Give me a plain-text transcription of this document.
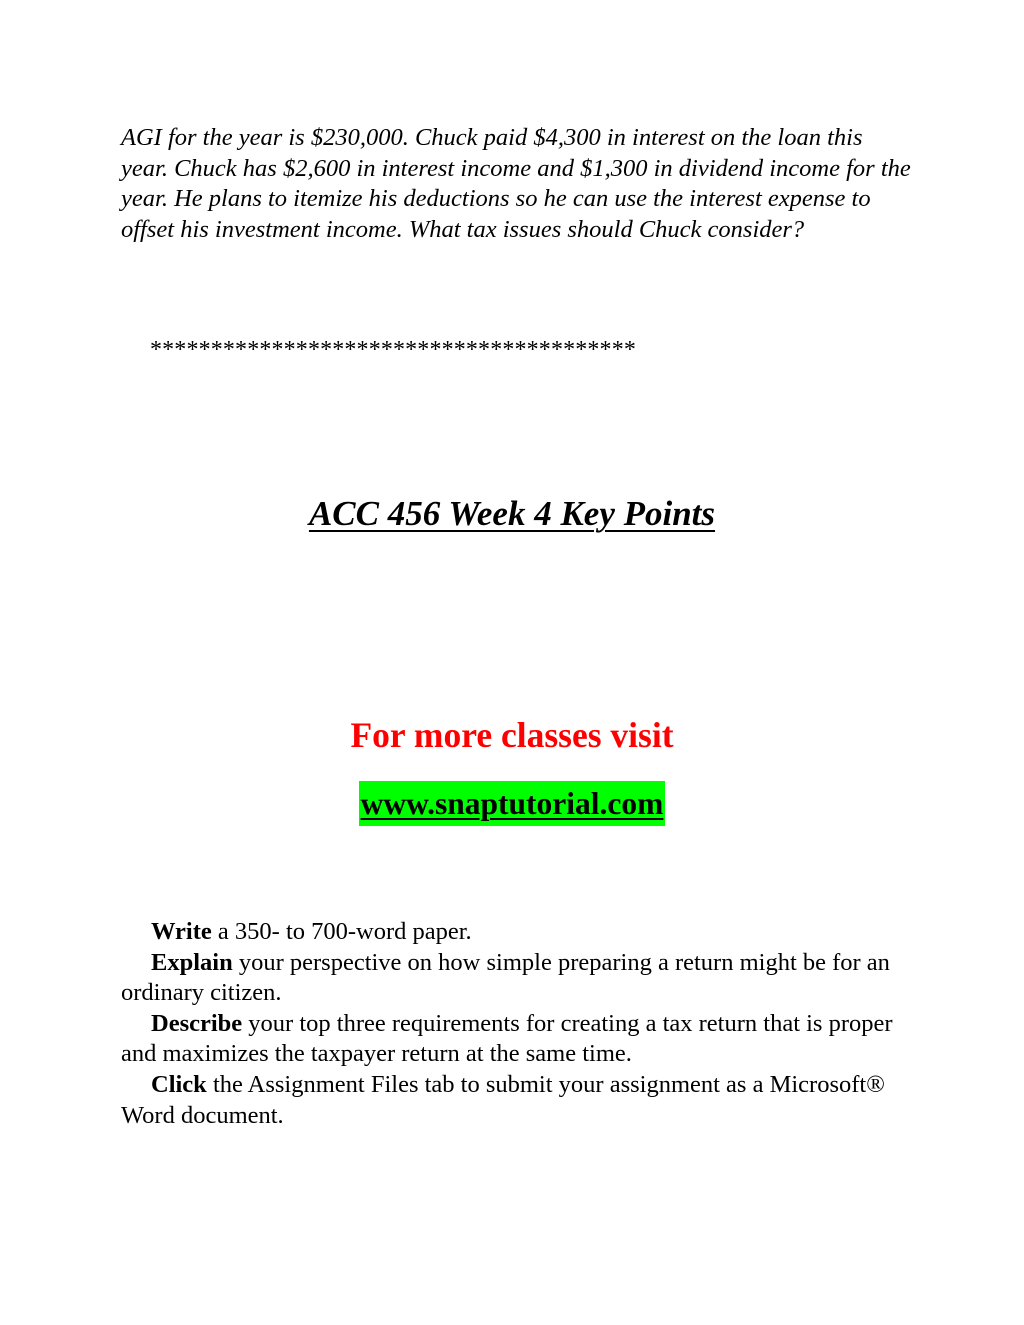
AGI for the year is $230,000. Chuck paid $4,300 in interest on the loan this year. Chuck has $2,600 in interest income and $1,300 in dividend income for the year. He plans to itemize his deductions so he can use the interest expense to offset his investment income. What tax issues should Chuck consider?

****************************************
ACC 456 Week 4 Key Points
For more classes visit
www.snaptutorial.com

Write a 350- to 700-word paper.

Explain your perspective on how simple preparing a return might be for an ordinary citizen.

Describe your top three requirements for creating a tax return that is proper and maximizes the taxpayer return at the same time.

Click the Assignment Files tab to submit your assignment as a Microsoft® Word document.
